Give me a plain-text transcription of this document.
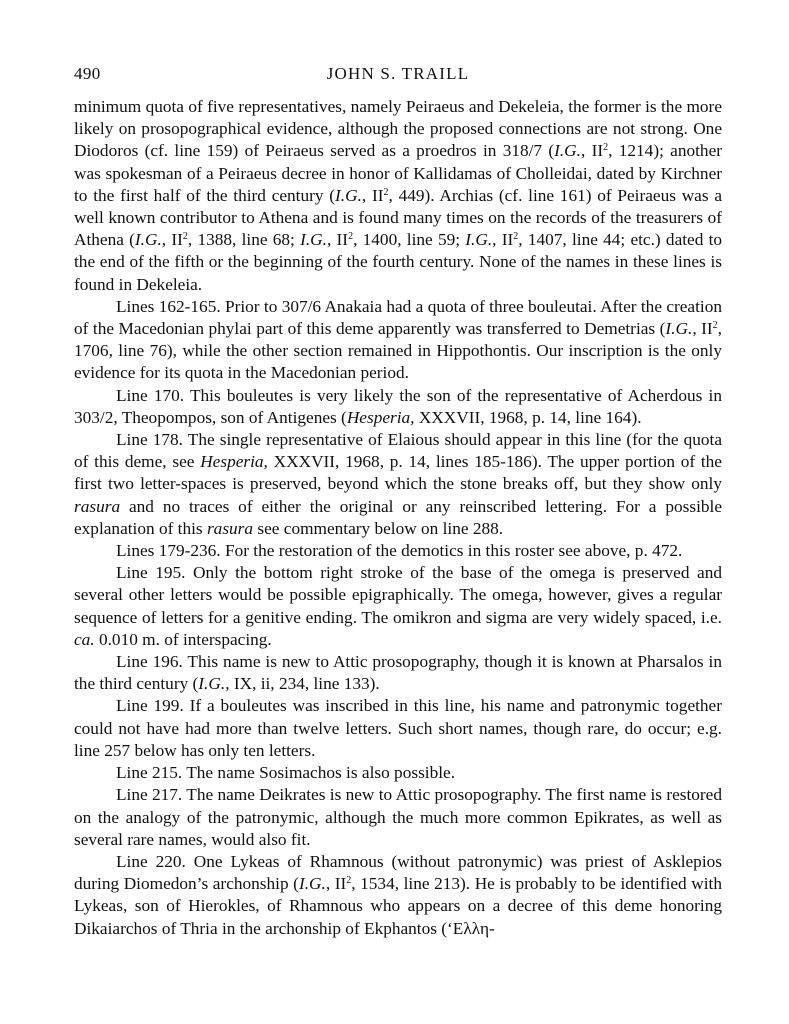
490	JOHN S. TRAILL

minimum quota of five representatives, namely Peiraeus and Dekeleia, the former is the more likely on prosopographical evidence, although the proposed connections are not strong. One Diodoros (cf. line 159) of Peiraeus served as a proedros in 318/7 (I.G., $II^2$, 1214); another was spokesman of a Peiraeus decree in honor of Kallidamas of Cholleidai, dated by Kirchner to the first half of the third century (I.G., $II^2$, 449). Archias (cf. line 161) of Peiraeus was a well known contributor to Athena and is found many times on the records of the treasurers of Athena (I.G., $II^2$, 1388, line 68; I.G., $II^2$, 1400, line 59; I.G., $II^2$, 1407, line 44; etc.) dated to the end of the fifth or the beginning of the fourth century. None of the names in these lines is found in Dekeleia.

Lines 162-165. Prior to 307/6 Anakaia had a quota of three bouleutai. After the creation of the Macedonian phylai part of this deme apparently was transferred to Demetrias (I.G., $II^2$, 1706, line 76), while the other section remained in Hippothontis. Our inscription is the only evidence for its quota in the Macedonian period.

Line 170. This bouleutes is very likely the son of the representative of Acherdous in 303/2, Theopompos, son of Antigenes (Hesperia, XXXVII, 1968, p. 14, line 164).

Line 178. The single representative of Elaious should appear in this line (for the quota of this deme, see Hesperia, XXXVII, 1968, p. 14, lines 185-186). The upper portion of the first two letter-spaces is preserved, beyond which the stone breaks off, but they show only rasura and no traces of either the original or any reinscribed lettering. For a possible explanation of this rasura see commentary below on line 288.

Lines 179-236. For the restoration of the demotics in this roster see above, p. 472.

Line 195. Only the bottom right stroke of the base of the omega is preserved and several other letters would be possible epigraphically. The omega, however, gives a regular sequence of letters for a genitive ending. The omikron and sigma are very widely spaced, i.e. ca. 0.010 m. of interspacing.

Line 196. This name is new to Attic prosopography, though it is known at Pharsalos in the third century (I.G., IX, ii, 234, line 133).

Line 199. If a bouleutes was inscribed in this line, his name and patronymic together could not have had more than twelve letters. Such short names, though rare, do occur; e.g. line 257 below has only ten letters.

Line 215. The name Sosimachos is also possible.

Line 217. The name Deikrates is new to Attic prosopography. The first name is restored on the analogy of the patronymic, although the much more common Epikrates, as well as several rare names, would also fit.

Line 220. One Lykeas of Rhamnous (without patronymic) was priest of Asklepios during Diomedon’s archonship (I.G., $II^2$, 1534, line 213). He is probably to be identified with Lykeas, son of Hierokles, of Rhamnous who appears on a decree of this deme honoring Dikaiarchos of Thria in the archonship of Ekphantos (‘Ελλη-
